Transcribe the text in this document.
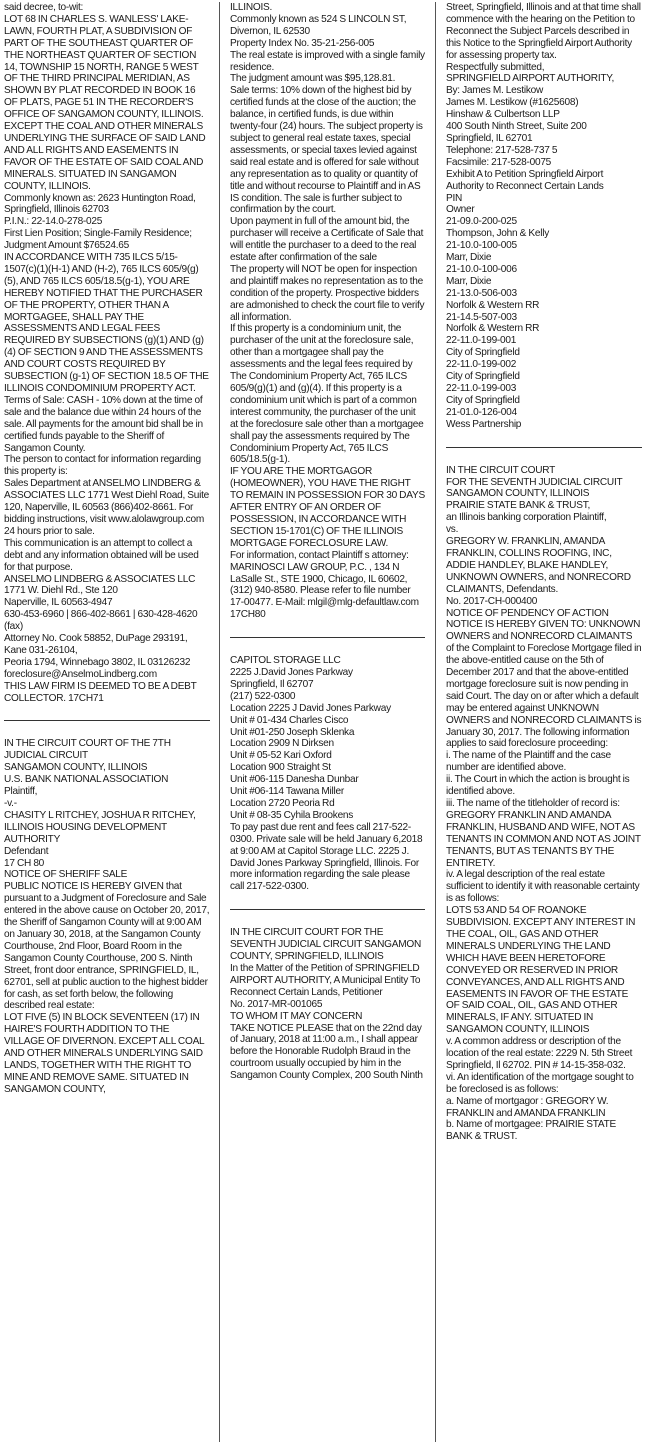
said decree, to-wit:

LOT 68 IN CHARLES S. WANLESS' LAKE-LAWN, FOURTH PLAT, A SUBDIVISION OF PART OF THE SOUTHEAST QUARTER OF THE NORTHEAST QUARTER OF SECTION 14, TOWNSHIP 15 NORTH, RANGE 5 WEST OF THE THIRD PRINCIPAL MERIDIAN, AS SHOWN BY PLAT RECORDED IN BOOK 16 OF PLATS, PAGE 51 IN THE RECORDER'S OFFICE OF SANGAMON COUNTY, ILLINOIS. EXCEPT THE COAL AND OTHER MINERALS UNDERLYING THE SURFACE OF SAID LAND AND ALL RIGHTS AND EASEMENTS IN FAVOR OF THE ESTATE OF SAID COAL AND MINERALS. SITUATED IN SANGAMON COUNTY, ILLINOIS.

Commonly known as: 2623 Huntington Road, Springfield, Illinois 62703

P.I.N.: 22-14.0-278-025

First Lien Position; Single-Family Residence; Judgment Amount $76524.65

IN ACCORDANCE WITH 735 ILCS 5/15-1507(c)(1)(H-1) AND (H-2), 765 ILCS 605/9(g)(5), AND 765 ILCS 605/18.5(g-1), YOU ARE HEREBY NOTIFIED THAT THE PURCHASER OF THE PROPERTY, OTHER THAN A MORTGAGEE, SHALL PAY THE ASSESSMENTS AND LEGAL FEES REQUIRED BY SUBSECTIONS (g)(1) AND (g)(4) OF SECTION 9 AND THE ASSESSMENTS AND COURT COSTS REQUIRED BY SUBSECTION (g-1) OF SECTION 18.5 OF THE ILLINOIS CONDOMINIUM PROPERTY ACT.

Terms of Sale: CASH - 10% down at the time of sale and the balance due within 24 hours of the sale. All payments for the amount bid shall be in certified funds payable to the Sheriff of Sangamon County.

The person to contact for information regarding this property is:

Sales Department at ANSELMO LINDBERG & ASSOCIATES LLC 1771 West Diehl Road, Suite 120, Naperville, IL 60563 (866)402-8661. For bidding instructions, visit www.alolawgroup.com 24 hours prior to sale.

This communication is an attempt to collect a debt and any information obtained will be used for that purpose.

ANSELMO LINDBERG & ASSOCIATES LLC

1771 W. Diehl Rd., Ste 120

Naperville, IL 60563-4947

630-453-6960 | 866-402-8661 | 630-428-4620 (fax)

Attorney No. Cook 58852, DuPage 293191, Kane 031-26104,

Peoria 1794, Winnebago 3802, IL 03126232

foreclosure@AnselmoLindberg.com

THIS LAW FIRM IS DEEMED TO BE A DEBT COLLECTOR. 17CH71

IN THE CIRCUIT COURT OF THE 7TH JUDICIAL CIRCUIT

SANGAMON COUNTY, ILLINOIS

U.S. BANK NATIONAL ASSOCIATION

Plaintiff,

-v.-

CHASITY L RITCHEY, JOSHUA R RITCHEY, ILLINOIS HOUSING DEVELOPMENT AUTHORITY

Defendant

17 CH 80

NOTICE OF SHERIFF SALE

PUBLIC NOTICE IS HEREBY GIVEN that pursuant to a Judgment of Foreclosure and Sale entered in the above cause on October 20, 2017, the Sheriff of Sangamon County will at 9:00 AM on January 30, 2018, at the Sangamon County Courthouse, 2nd Floor, Board Room in the Sangamon County Courthouse, 200 S. Ninth Street, front door entrance, SPRINGFIELD, IL, 62701, sell at public auction to the highest bidder for cash, as set forth below, the following described real estate:

LOT FIVE (5) IN BLOCK SEVENTEEN (17) IN HAIRE'S FOURTH ADDITION TO THE VILLAGE OF DIVERNON. EXCEPT ALL COAL AND OTHER MINERALS UNDERLYING SAID LANDS, TOGETHER WITH THE RIGHT TO MINE AND REMOVE SAME. SITUATED IN SANGAMON COUNTY,

ILLINOIS.

Commonly known as 524 S LINCOLN ST, Divernon, IL 62530

Property Index No. 35-21-256-005

The real estate is improved with a single family residence.

The judgment amount was $95,128.81.

Sale terms: 10% down of the highest bid by certified funds at the close of the auction; the balance, in certified funds, is due within twenty-four (24) hours. The subject property is subject to general real estate taxes, special assessments, or special taxes levied against said real estate and is offered for sale without any representation as to quality or quantity of title and without recourse to Plaintiff and in AS IS condition. The sale is further subject to confirmation by the court.

Upon payment in full of the amount bid, the purchaser will receive a Certificate of Sale that will entitle the purchaser to a deed to the real estate after confirmation of the sale

The property will NOT be open for inspection and plaintiff makes no representation as to the condition of the property. Prospective bidders are admonished to check the court file to verify all information.

If this property is a condominium unit, the purchaser of the unit at the foreclosure sale, other than a mortgagee shall pay the assessments and the legal fees required by The Condominium Property Act, 765 ILCS 605/9(g)(1) and (g)(4). If this property is a condominium unit which is part of a common interest community, the purchaser of the unit at the foreclosure sale other than a mortgagee shall pay the assessments required by The Condominium Property Act, 765 ILCS 605/18.5(g-1).

IF YOU ARE THE MORTGAGOR (HOMEOWNER), YOU HAVE THE RIGHT TO REMAIN IN POSSESSION FOR 30 DAYS AFTER ENTRY OF AN ORDER OF POSSESSION, IN ACCORDANCE WITH SECTION 15-1701(C) OF THE ILLINOIS MORTGAGE FORECLOSURE LAW.

For information, contact Plaintiff s attorney: MARINOSCI LAW GROUP, P.C. , 134 N LaSalle St., STE 1900, Chicago, IL 60602, (312) 940-8580. Please refer to file number 17-00477. E-Mail: mlgil@mlg-defaultlaw.com

17CH80

CAPITOL STORAGE LLC

2225 J.David Jones Parkway

Springfield, Il 62707

(217) 522-0300

Location 2225 J David Jones Parkway

Unit # 01-434 Charles Cisco

Unit #01-250 Joseph Sklenka

Location 2909 N Dirksen

Unit # 05-52 Kari Oxford

Location 900 Straight St

Unit #06-115 Danesha Dunbar

Unit #06-114 Tawana Miller

Location 2720 Peoria Rd

Unit # 08-35 Cyhila Brookens

To pay past due rent and fees call 217-522-0300. Private sale will be held January 6,2018 at 9:00 AM at Capitol Storage LLC. 2225 J. David Jones Parkway Springfield, Illinois. For more information regarding the sale please call 217-522-0300.

IN THE CIRCUIT COURT FOR THE SEVENTH JUDICIAL CIRCUIT SANGAMON COUNTY, SPRINGFIELD, ILLINOIS

In the Matter of the Petition of SPRINGFIELD AIRPORT AUTHORITY, A Municipal Entity To Reconnect Certain Lands, Petitioner

No. 2017-MR-001065

TO WHOM IT MAY CONCERN

TAKE NOTICE PLEASE that on the 22nd day of January, 2018 at 11:00 a.m., I shall appear before the Honorable Rudolph Braud in the courtroom usually occupied by him in the Sangamon County Complex, 200 South Ninth

Street, Springfield, Illinois and at that time shall commence with the hearing on the Petition to Reconnect the Subject Parcels described in this Notice to the Springfield Airport Authority for assessing property tax.

Respectfully submitted,

SPRINGFIELD AIRPORT AUTHORITY,

By: James M. Lestikow

James M. Lestikow (#1625608)

Hinshaw & Culbertson LLP

400 South Ninth Street, Suite 200

Springfield, IL 62701

Telephone: 217-528-737 5

Facsimile: 217-528-0075

Exhibit A to Petition Springfield Airport Authority to Reconnect Certain Lands

PIN

Owner

21-09.0-200-025

Thompson, John & Kelly

21-10.0-100-005

Marr, Dixie

21-10.0-100-006

Marr, Dixie

21-13.0-506-003

Norfolk & Western RR

21-14.5-507-003

Norfolk & Western RR

22-11.0-199-001

City of Springfield

22-11.0-199-002

City of Springfield

22-11.0-199-003

City of Springfield

21-01.0-126-004

Wess Partnership

IN THE CIRCUIT COURT

FOR THE SEVENTH JUDICIAL CIRCUIT

SANGAMON COUNTY, ILLINOIS

PRAIRIE STATE BANK & TRUST,

an Illinois banking corporation Plaintiff,

vs.

GREGORY W. FRANKLIN, AMANDA FRANKLIN, COLLINS ROOFING, INC, ADDIE HANDLEY, BLAKE HANDLEY, UNKNOWN OWNERS, and NONRECORD CLAIMANTS, Defendants.

No. 2017-CH-000400

NOTICE OF PENDENCY OF ACTION

NOTICE IS HEREBY GIVEN TO: UNKNOWN OWNERS and NONRECORD CLAIMANTS of the Complaint to Foreclose Mortgage filed in the above-entitled cause on the 5th of December 2017 and that the above-entitled mortgage foreclosure suit is now pending in said Court. The day on or after which a default may be entered against UNKNOWN OWNERS and NONRECORD CLAIMANTS is January 30, 2017. The following information applies to said foreclosure proceeding:

i. The name of the Plaintiff and the case number are identified above.

ii. The Court in which the action is brought is identified above.

iii. The name of the titleholder of record is: GREGORY FRANKLIN AND AMANDA FRANKLIN, HUSBAND AND WIFE, NOT AS TENANTS IN COMMON AND NOT AS JOINT TENANTS, BUT AS TENANTS BY THE ENTIRETY.

iv. A legal description of the real estate sufficient to identify it with reasonable certainty is as follows:

LOTS 53 AND 54 OF ROANOKE SUBDIVISION. EXCEPT ANY INTEREST IN THE COAL, OIL, GAS AND OTHER MINERALS UNDERLYING THE LAND WHICH HAVE BEEN HERETOFORE CONVEYED OR RESERVED IN PRIOR CONVEYANCES, AND ALL RIGHTS AND EASEMENTS IN FAVOR OF THE ESTATE OF SAID COAL, OIL, GAS AND OTHER MINERALS, IF ANY. SITUATED IN SANGAMON COUNTY, ILLINOIS

v. A common address or description of the location of the real estate: 2229 N. 5th Street Springfield, Il 62702. PIN # 14-15-358-032.

vi. An identification of the mortgage sought to be foreclosed is as follows:

a. Name of mortgagor : GREGORY W. FRANKLIN and AMANDA FRANKLIN

b. Name of mortgagee: PRAIRIE STATE BANK & TRUST.
